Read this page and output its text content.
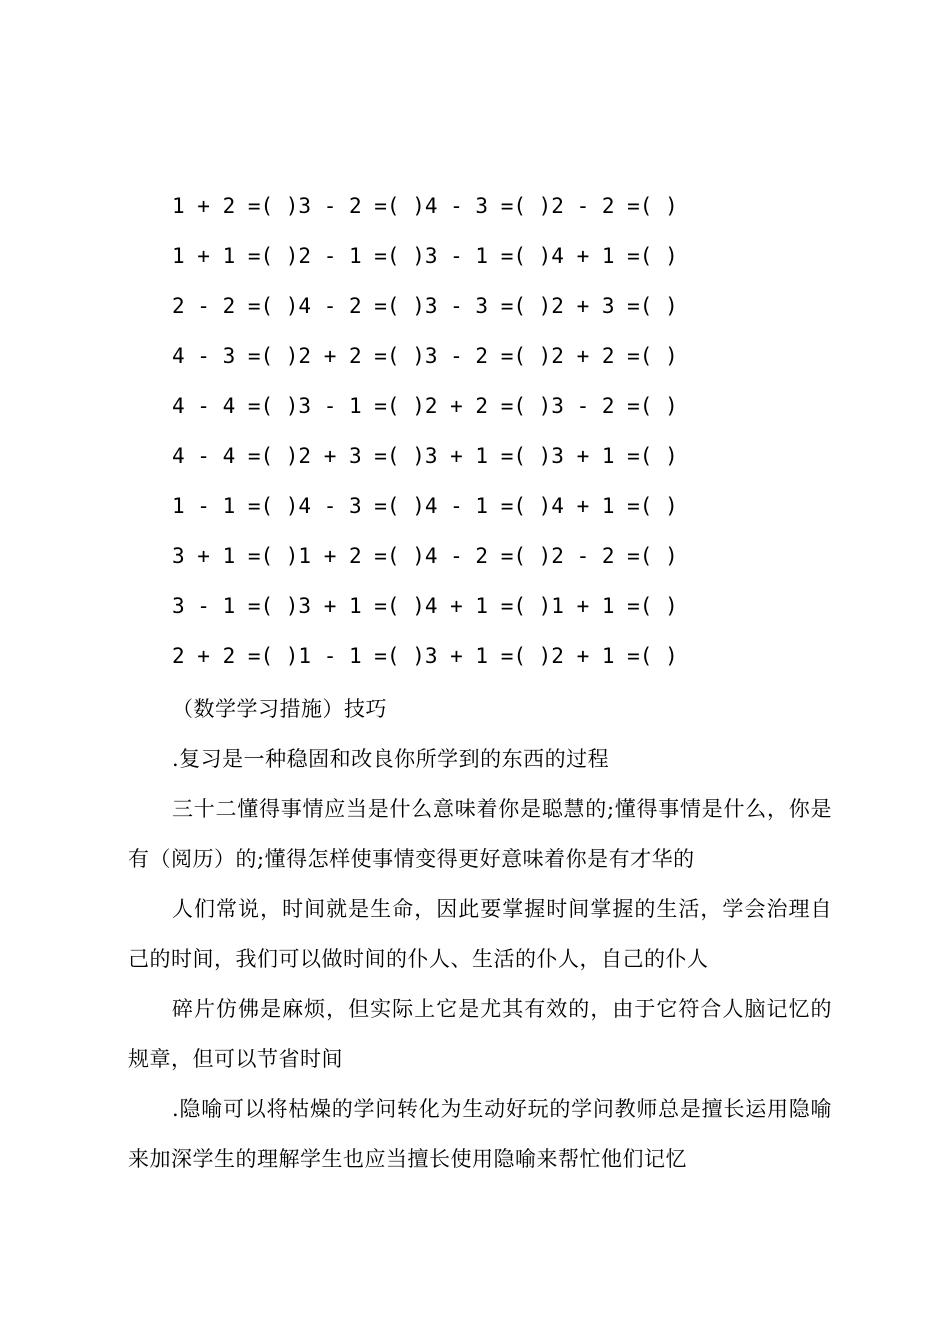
1 + 2 =( )3 - 2 =( )4 - 3 =( )2 - 2 =( )
1 + 1 =( )2 - 1 =( )3 - 1 =( )4 + 1 =( )
2 - 2 =( )4 - 2 =( )3 - 3 =( )2 + 3 =( )
4 - 3 =( )2 + 2 =( )3 - 2 =( )2 + 2 =( )
4 - 4 =( )3 - 1 =( )2 + 2 =( )3 - 2 =( )
4 - 4 =( )2 + 3 =( )3 + 1 =( )3 + 1 =( )
1 - 1 =( )4 - 3 =( )4 - 1 =( )4 + 1 =( )
3 + 1 =( )1 + 2 =( )4 - 2 =( )2 - 2 =( )
3 - 1 =( )3 + 1 =( )4 + 1 =( )1 + 1 =( )
2 + 2 =( )1 - 1 =( )3 + 1 =( )2 + 1 =( )

（数学学习措施）技巧

.复习是一种稳固和改良你所学到的东西的过程

三十二懂得事情应当是什么意味着你是聪慧的;懂得事情是什么，你是有（阅历）的;懂得怎样使事情变得更好意味着你是有才华的

人们常说，时间就是生命，因此要掌握时间掌握的生活，学会治理自己的时间，我们可以做时间的仆人、生活的仆人，自己的仆人

碎片仿佛是麻烦，但实际上它是尤其有效的，由于它符合人脑记忆的规章，但可以节省时间

.隐喻可以将枯燥的学问转化为生动好玩的学问教师总是擅长运用隐喻来加深学生的理解学生也应当擅长使用隐喻来帮忙他们记忆
